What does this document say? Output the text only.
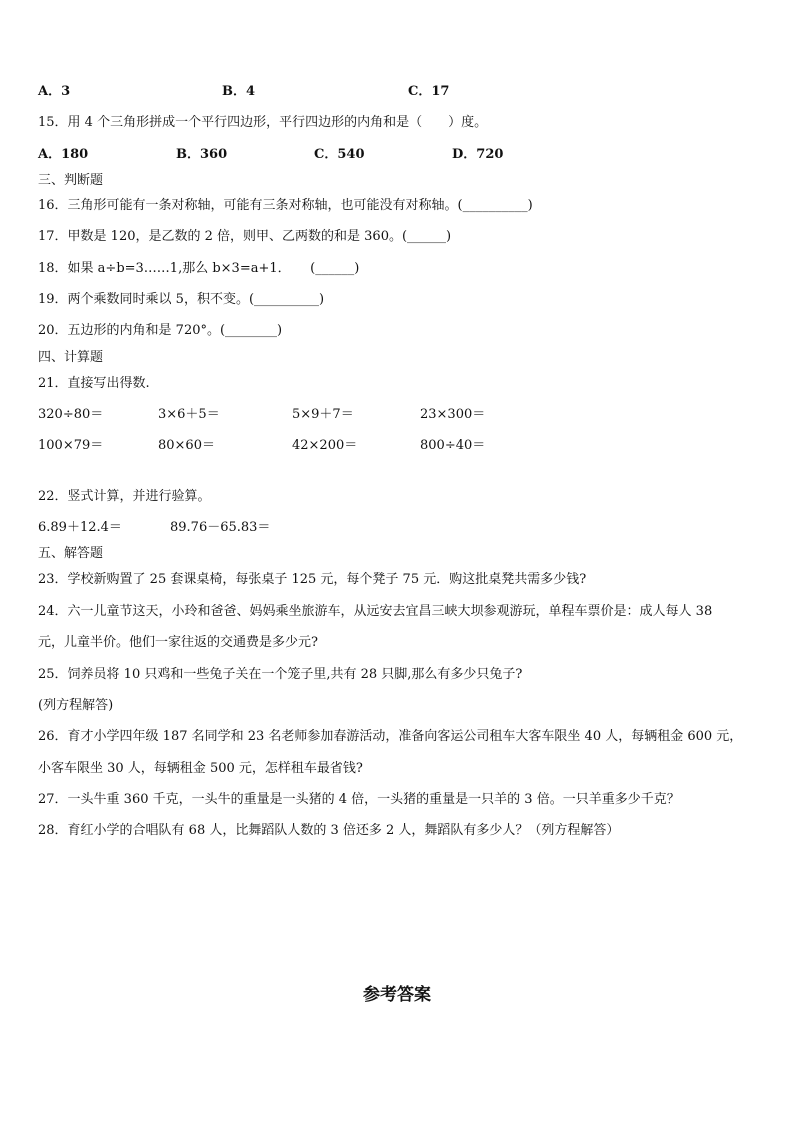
A．3	B．4	C．17
15．用 4 个三角形拼成一个平行四边形，平行四边形的内角和是（　　）度。
A．180	B．360	C．540	D．720
三、判断题
16．三角形可能有一条对称轴，可能有三条对称轴，也可能没有对称轴。(__________)
17．甲数是 120，是乙数的 2 倍，则甲、乙两数的和是 360。(______)
18．如果 a÷b=3……1,那么 b×3=a+1．　　(______)
19．两个乘数同时乘以 5，积不变。(__________)
20．五边形的内角和是 720°。(________)
四、计算题
21．直接写出得数.
320÷80＝	3×6＋5＝	5×9＋7＝	23×300＝
100×79＝	80×60＝	42×200＝	800÷40＝
22．竖式计算，并进行验算。
6.89＋12.4＝	89.76－65.83＝
五、解答题
23．学校新购置了 25 套课桌椅，每张桌子 125 元，每个凳子 75 元．购这批桌凳共需多少钱?
24．六一儿童节这天，小玲和爸爸、妈妈乘坐旅游车，从远安去宜昌三峡大坝参观游玩，单程车票价是：成人每人 38
元，儿童半价。他们一家往返的交通费是多少元?
25．饲养员将 10 只鸡和一些兔子关在一个笼子里,共有 28 只脚,那么有多少只兔子?
(列方程解答)
26．育才小学四年级 187 名同学和 23 名老师参加春游活动，准备向客运公司租车大客车限坐 40 人，每辆租金 600 元，
小客车限坐 30 人，每辆租金 500 元，怎样租车最省钱?
27．一头牛重 360 千克，一头牛的重量是一头猪的 4 倍，一头猪的重量是一只羊的 3 倍。一只羊重多少千克？
28．育红小学的合唱队有 68 人，比舞蹈队人数的 3 倍还多 2 人，舞蹈队有多少人？（列方程解答）
参考答案
